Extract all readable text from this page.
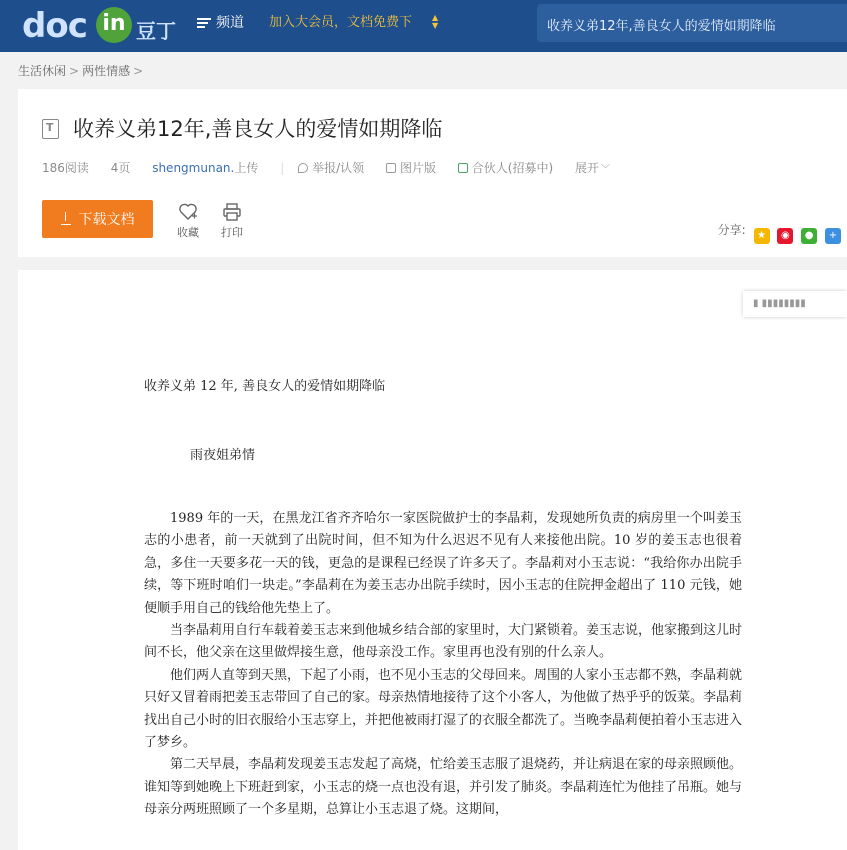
doc in 豆丁	频道 加入大会员，文档免费下 ▲
▼
收养义弟12年,善良女人的爱情如期降临
生活休闲 > 两性情感 >
T 收养义弟12年,善良女人的爱情如期降临
186阅读 4页 shengmunan.上传 | 举报/认领	图片版	合伙人(招募中) 展开 ﹀
下载文档
收藏	打印	分享: ★ ◉ ● +
▮ ▮▮▮▮▮▮▮▮
收养义弟 12 年, 善良女人的爱情如期降临
雨夜姐弟情

1989 年的一天，在黑龙江省齐齐哈尔一家医院做护士的李晶莉，发现她所负责的病房里一个叫姜玉志的小患者，前一天就到了出院时间，但不知为什么迟迟不见有人来接他出院。10 岁的姜玉志也很着急，多住一天要多花一天的钱，更急的是课程已经误了许多天了。李晶莉对小玉志说：“我给你办出院手续，等下班时咱们一块走。”李晶莉在为姜玉志办出院手续时，因小玉志的住院押金超出了 110 元钱，她便顺手用自己的钱给他先垫上了。

当李晶莉用自行车载着姜玉志来到他城乡结合部的家里时，大门紧锁着。姜玉志说，他家搬到这儿时间不长，他父亲在这里做焊接生意，他母亲没工作。家里再也没有别的什么亲人。

他们两人直等到天黑，下起了小雨，也不见小玉志的父母回来。周围的人家小玉志都不熟，李晶莉就只好又冒着雨把姜玉志带回了自己的家。母亲热情地接待了这个小客人，为他做了热乎乎的饭菜。李晶莉找出自己小时的旧衣服给小玉志穿上，并把他被雨打湿了的衣服全都洗了。当晚李晶莉便拍着小玉志进入了梦乡。

第二天早晨，李晶莉发现姜玉志发起了高烧，忙给姜玉志服了退烧药，并让病退在家的母亲照顾他。谁知等到她晚上下班赶到家，小玉志的烧一点也没有退，并引发了肺炎。李晶莉连忙为他挂了吊瓶。她与母亲分两班照顾了一个多星期，总算让小玉志退了烧。这期间，
